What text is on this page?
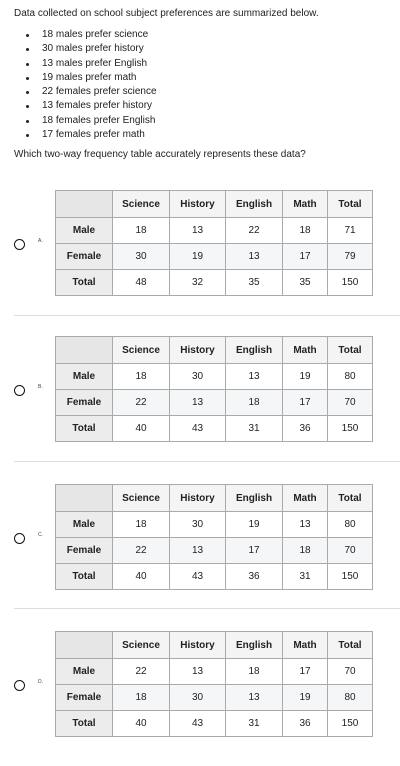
Data collected on school subject preferences are summarized below.

18 males prefer science
30 males prefer history
13 males prefer English
19 males prefer math
22 females prefer science
13 females prefer history
18 females prefer English
17 females prefer math

Which two-way frequency table accurately represents these data?

A.
	Science	History	English	Math	Total
Male	18	13	22	18	71
Female	30	19	13	17	79
Total	48	32	35	35	150
B.
	Science	History	English	Math	Total
Male	18	30	13	19	80
Female	22	13	18	17	70
Total	40	43	31	36	150
C.
	Science	History	English	Math	Total
Male	18	30	19	13	80
Female	22	13	17	18	70
Total	40	43	36	31	150
D.
	Science	History	English	Math	Total
Male	22	13	18	17	70
Female	18	30	13	19	80
Total	40	43	31	36	150
